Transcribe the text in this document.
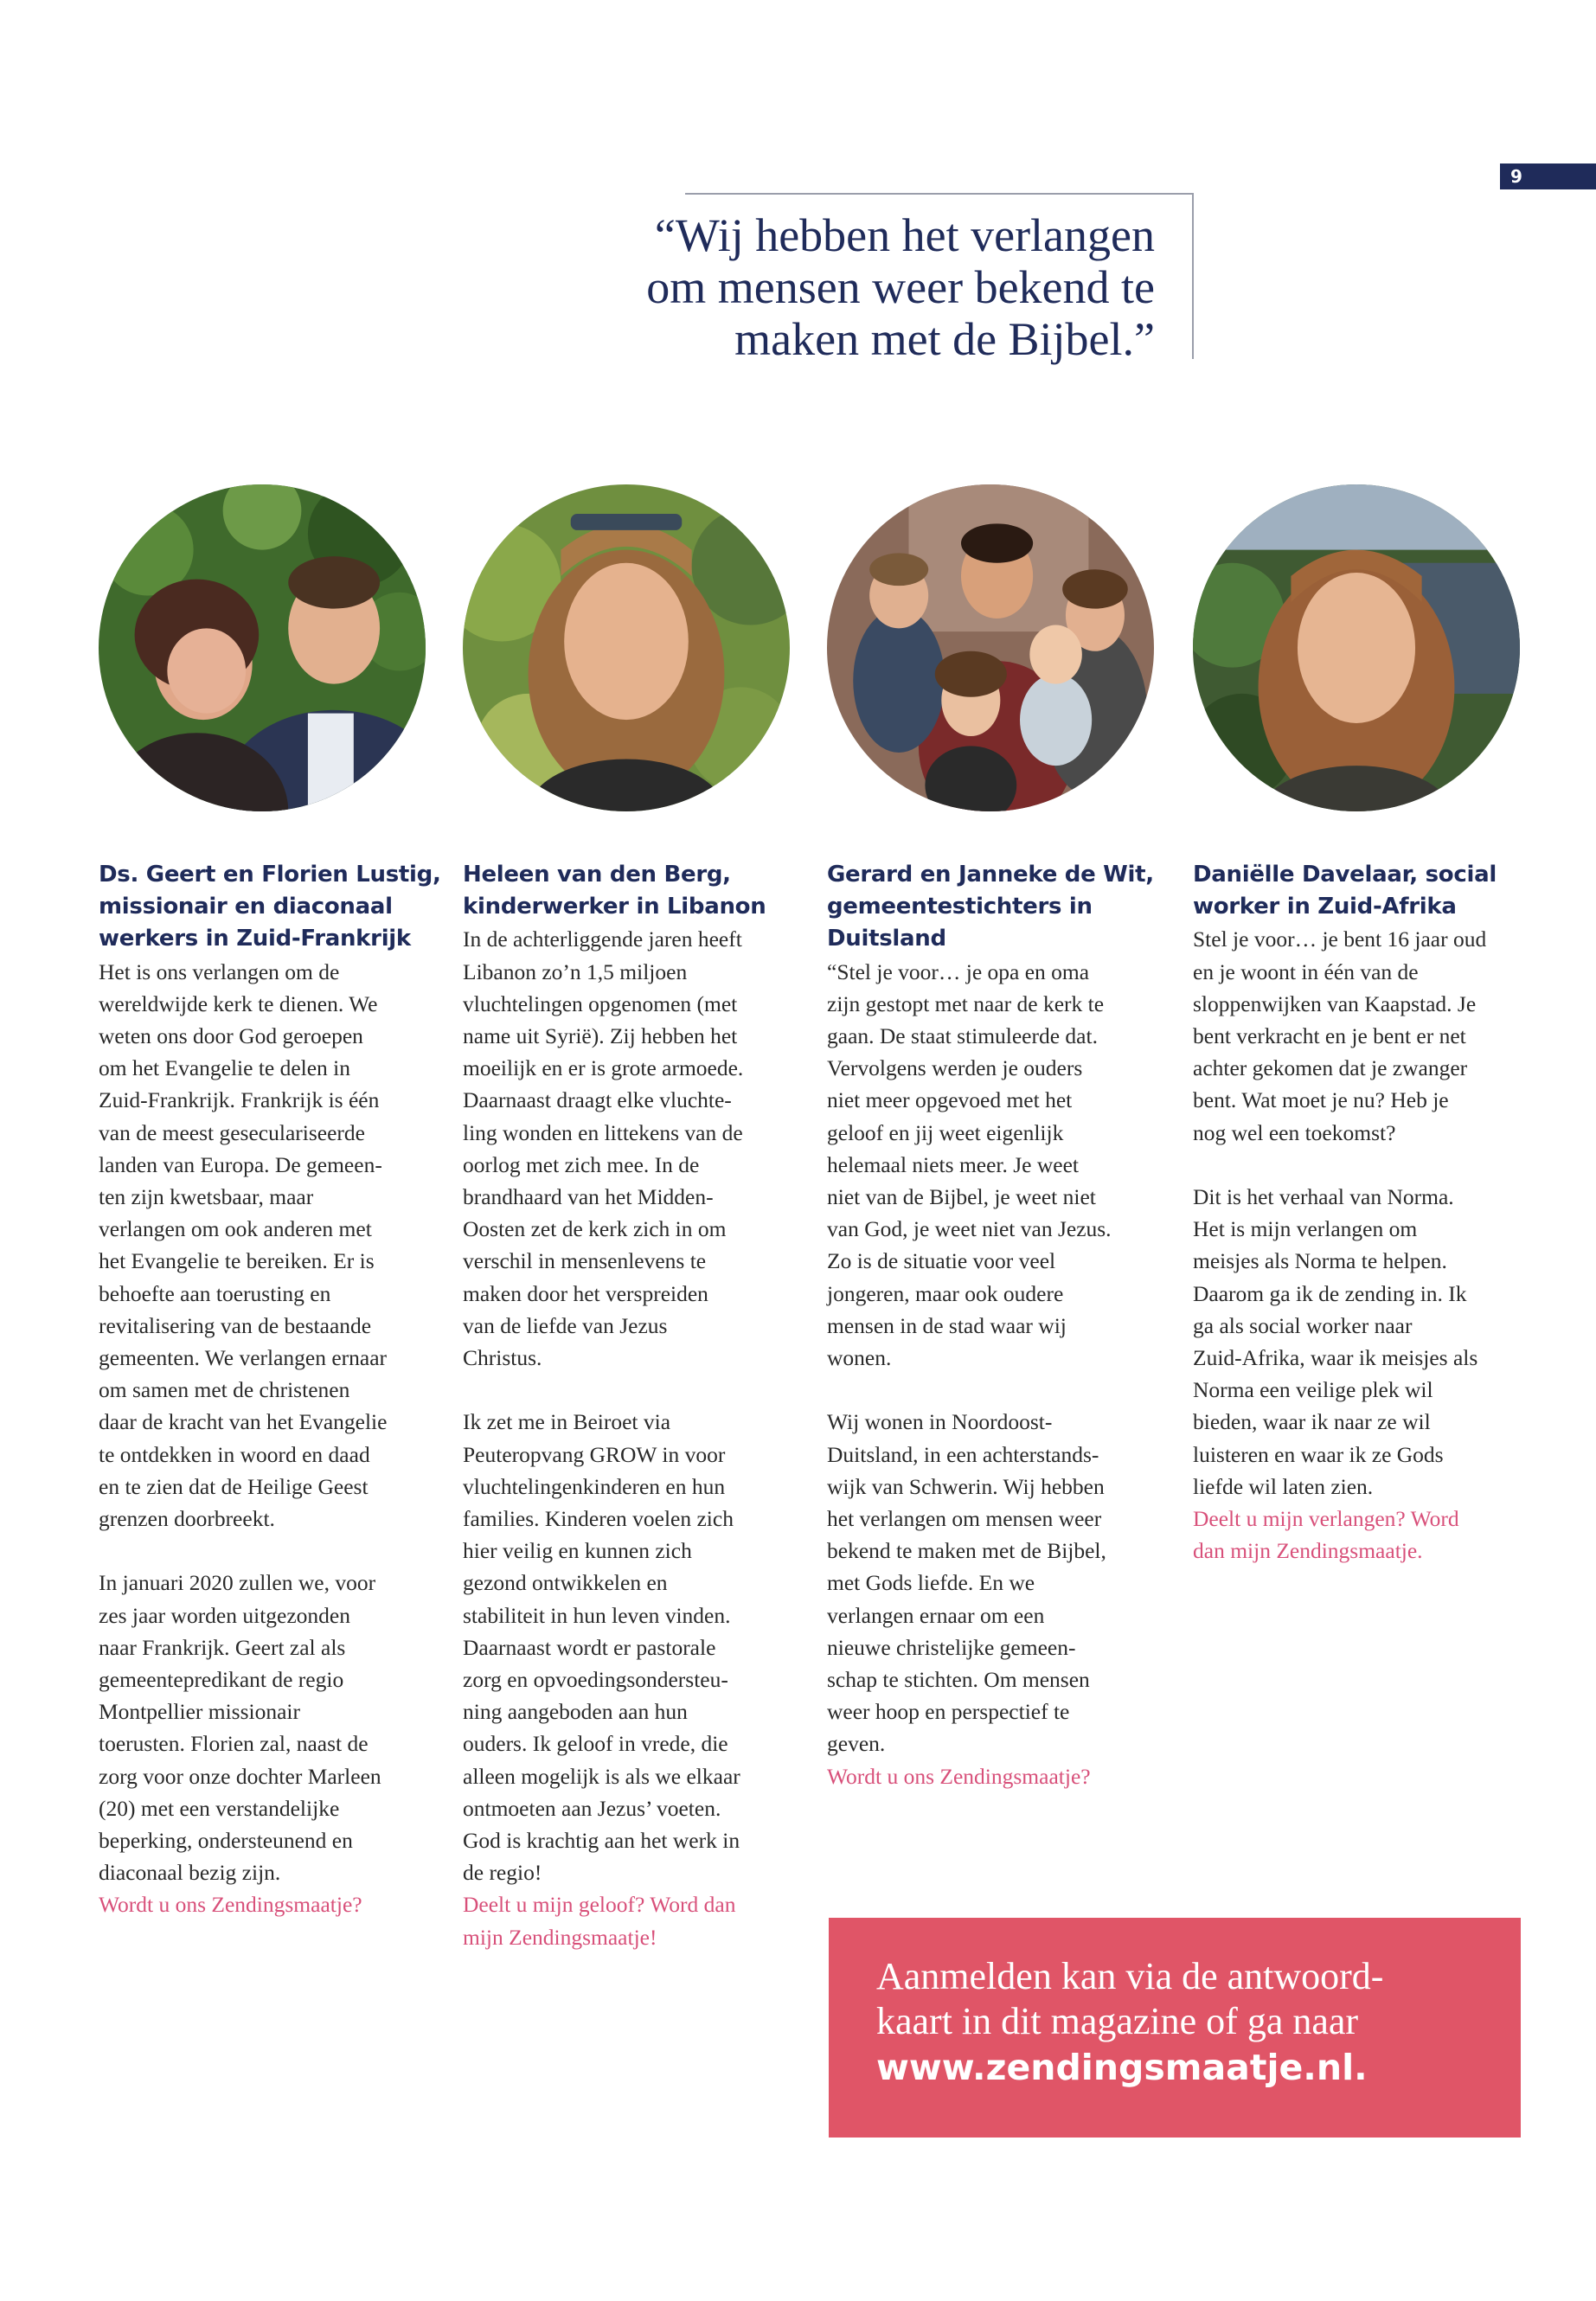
9
“Wij hebben het verlangen
om mensen weer bekend te
maken met de Bijbel.”
Ds. Geert en Florien Lustig,
missionair en diaconaal
werkers in Zuid-Frankrijk
Het is ons verlangen om de
wereldwijde kerk te dienen. We
weten ons door God geroepen
om het Evangelie te delen in
Zuid-Frankrijk. Frankrijk is één
van de meest geseculariseerde
landen van Europa. De gemeen-
ten zijn kwetsbaar, maar
verlangen om ook anderen met
het Evangelie te bereiken. Er is
behoefte aan toerusting en
revitalisering van de bestaande
gemeenten. We verlangen ernaar
om samen met de christenen
daar de kracht van het Evangelie
te ontdekken in woord en daad
en te zien dat de Heilige Geest
grenzen doorbreekt.
In januari 2020 zullen we, voor
zes jaar worden uitgezonden
naar Frankrijk. Geert zal als
gemeentepredikant de regio
Montpellier missionair
toerusten. Florien zal, naast de
zorg voor onze dochter Marleen
(20) met een verstandelijke
beperking, ondersteunend en
diaconaal bezig zijn.
Wordt u ons Zendingsmaatje?
Heleen van den Berg,
kinderwerker in Libanon
In de achterliggende jaren heeft
Libanon zo’n 1,5 miljoen
vluchtelingen opgenomen (met
name uit Syrië). Zij hebben het
moeilijk en er is grote armoede.
Daarnaast draagt elke vluchte-
ling wonden en littekens van de
oorlog met zich mee. In de
brandhaard van het Midden-
Oosten zet de kerk zich in om
verschil in mensenlevens te
maken door het verspreiden
van de liefde van Jezus
Christus.
Ik zet me in Beiroet via
Peuteropvang GROW in voor
vluchtelingenkinderen en hun
families. Kinderen voelen zich
hier veilig en kunnen zich
gezond ontwikkelen en
stabiliteit in hun leven vinden.
Daarnaast wordt er pastorale
zorg en opvoedingsondersteu-
ning aangeboden aan hun
ouders. Ik geloof in vrede, die
alleen mogelijk is als we elkaar
ontmoeten aan Jezus’ voeten.
God is krachtig aan het werk in
de regio!
Deelt u mijn geloof? Word dan
mijn Zendingsmaatje!
Gerard en Janneke de Wit,
gemeentestichters in
Duitsland
“Stel je voor… je opa en oma
zijn gestopt met naar de kerk te
gaan. De staat stimuleerde dat.
Vervolgens werden je ouders
niet meer opgevoed met het
geloof en jij weet eigenlijk
helemaal niets meer. Je weet
niet van de Bijbel, je weet niet
van God, je weet niet van Jezus.
Zo is de situatie voor veel
jongeren, maar ook oudere
mensen in de stad waar wij
wonen.
Wij wonen in Noordoost-
Duitsland, in een achterstands-
wijk van Schwerin. Wij hebben
het verlangen om mensen weer
bekend te maken met de Bijbel,
met Gods liefde. En we
verlangen ernaar om een
nieuwe christelijke gemeen-
schap te stichten. Om mensen
weer hoop en perspectief te
geven.
Wordt u ons Zendingsmaatje?
Daniëlle Davelaar, social
worker in Zuid-Afrika
Stel je voor… je bent 16 jaar oud
en je woont in één van de
sloppenwijken van Kaapstad. Je
bent verkracht en je bent er net
achter gekomen dat je zwanger
bent. Wat moet je nu? Heb je
nog wel een toekomst?
Dit is het verhaal van Norma.
Het is mijn verlangen om
meisjes als Norma te helpen.
Daarom ga ik de zending in. Ik
ga als social worker naar
Zuid-Afrika, waar ik meisjes als
Norma een veilige plek wil
bieden, waar ik naar ze wil
luisteren en waar ik ze Gods
liefde wil laten zien.
Deelt u mijn verlangen? Word
dan mijn Zendingsmaatje.
Aanmelden kan via de antwoord-
kaart in dit magazine of ga naar
www.zendingsmaatje.nl.
